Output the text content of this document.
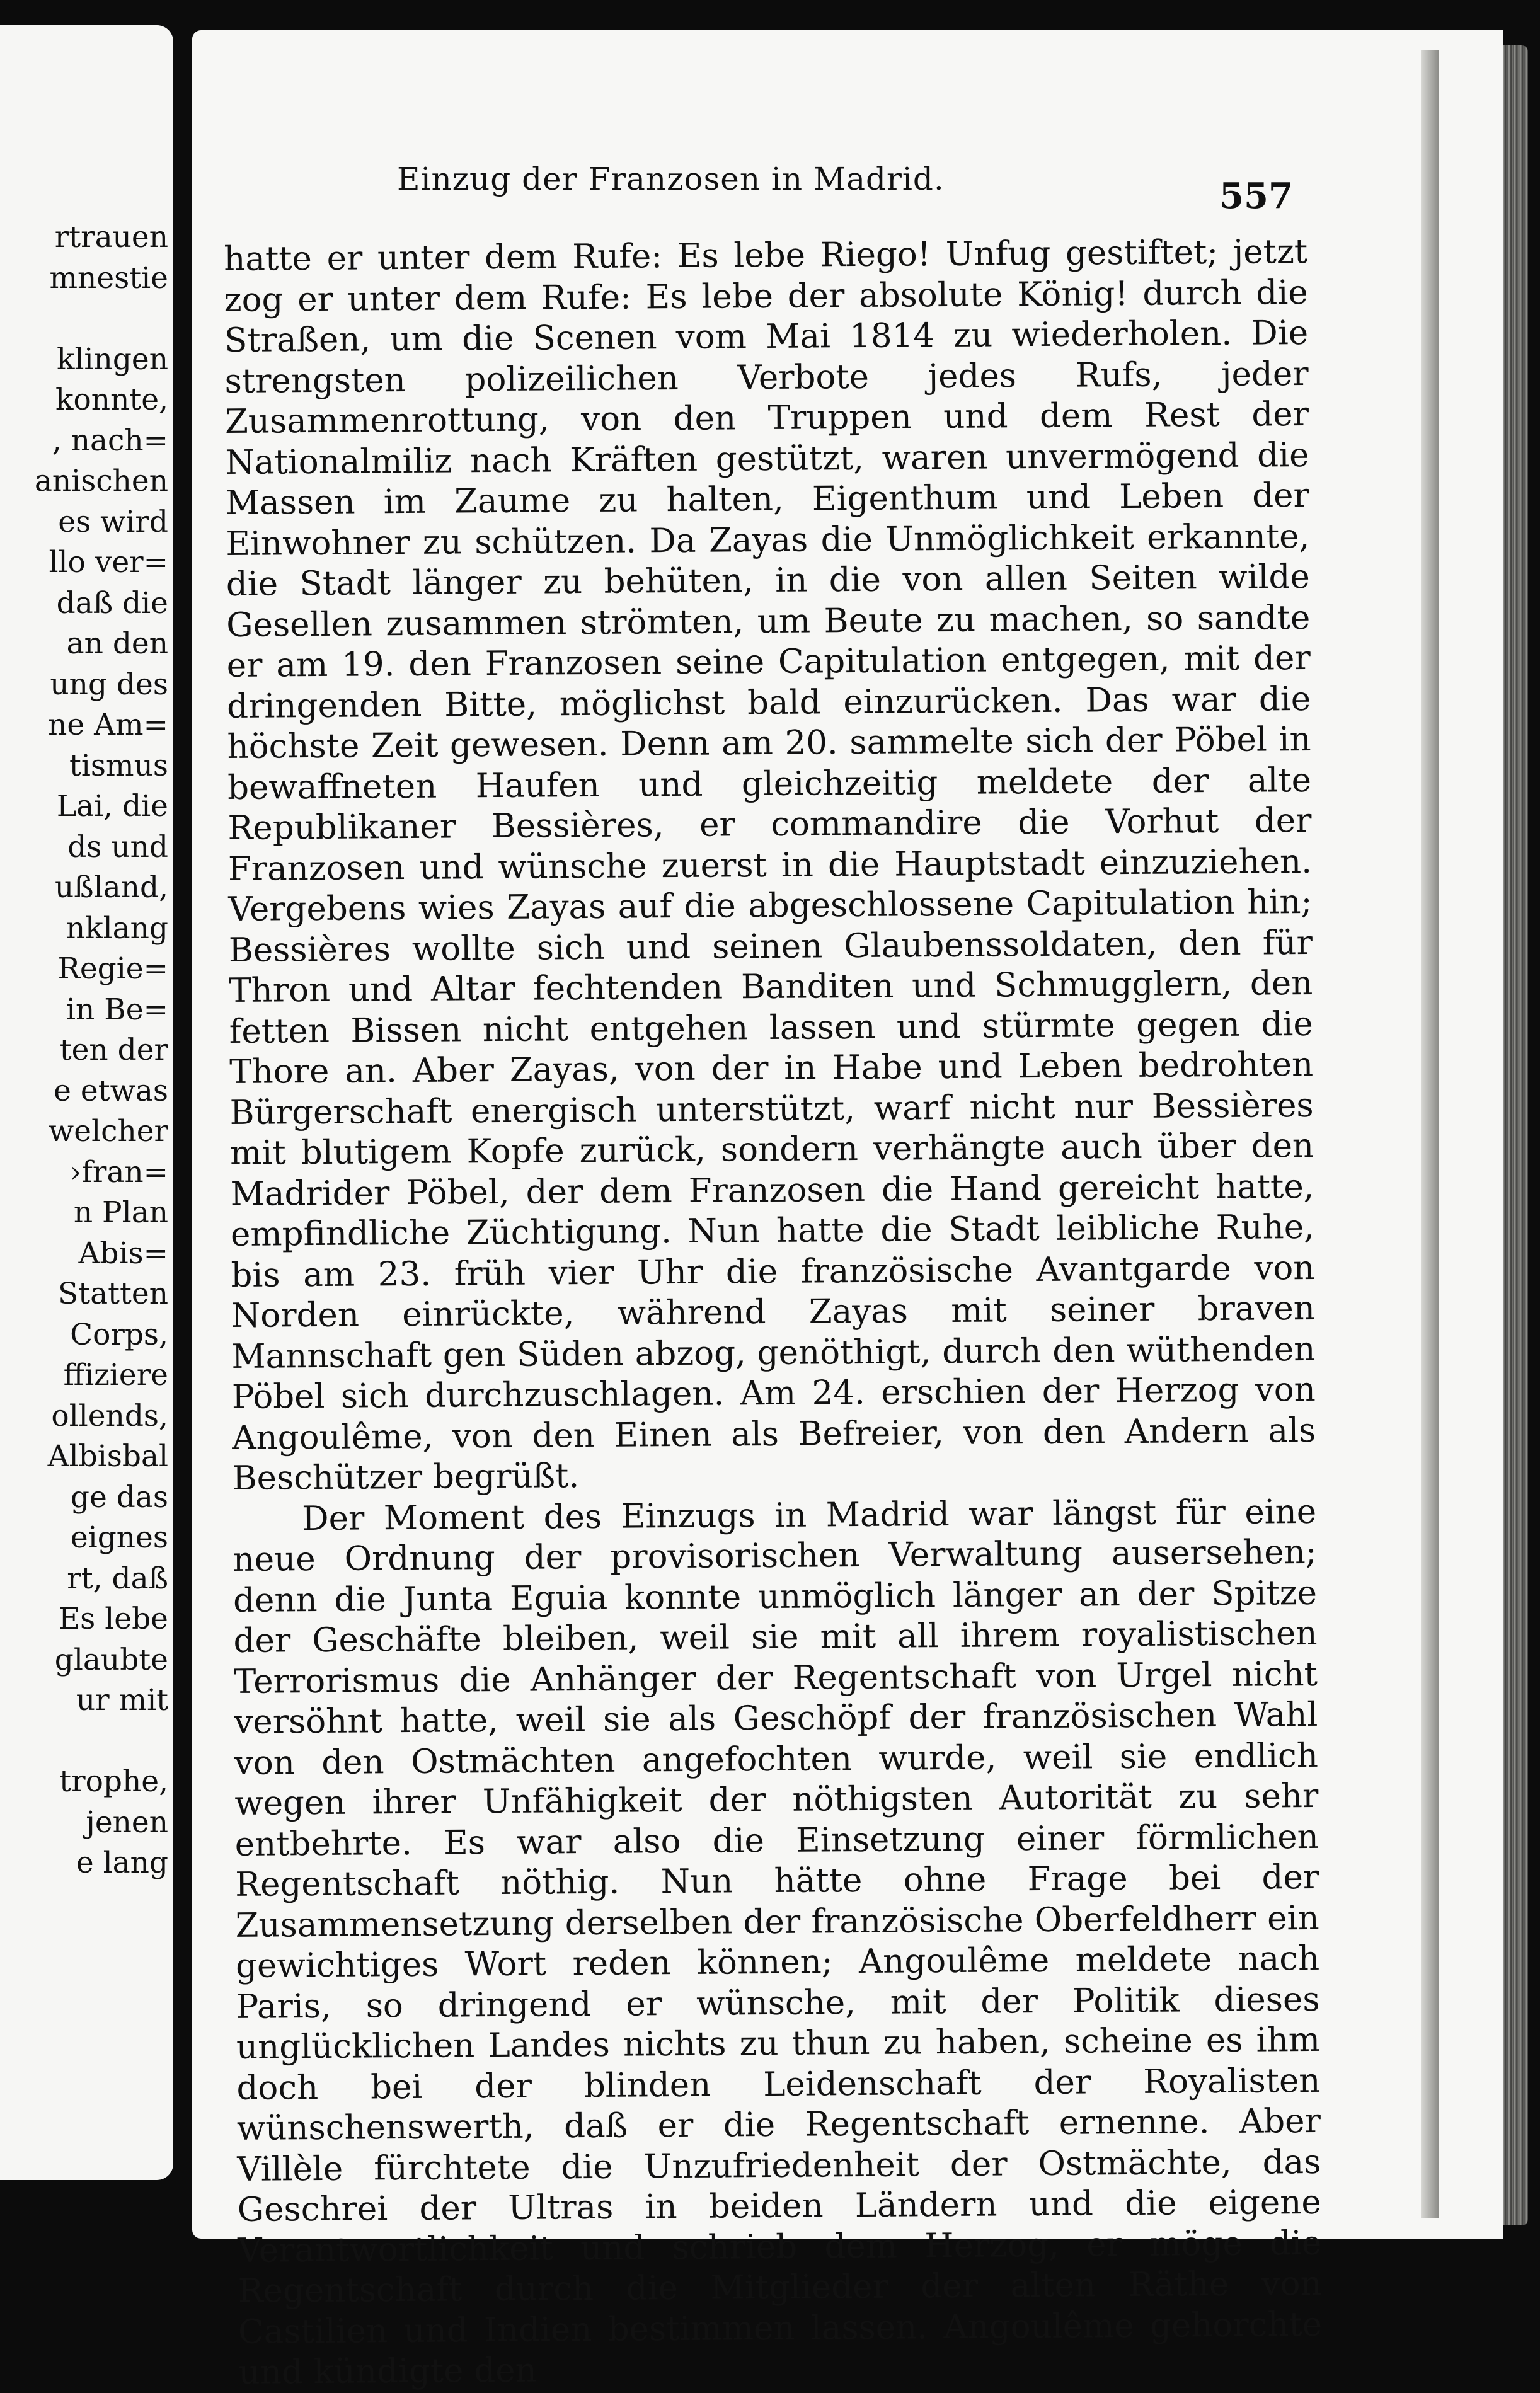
rtrauen
mnestie
klingen
konnte,
, nach=
anischen
es wird
llo ver=
daß die
an den
ung des
ne Am=
tismus
Lai, die
ds und
ußland,
nklang
Regie=
in Be=
ten der
e etwas
welcher
›fran=
n Plan
Abis=
Statten
Corps,
ffiziere
ollends,
Albisbal
ge das
eignes
rt, daß
Es lebe
glaubte
ur mit
trophe,
jenen
e lang
Einzug der Franzosen in Madrid.	557

hatte er unter dem Rufe: Es lebe Riego! Unfug gestiftet; jetzt zog er unter dem Rufe: Es lebe der absolute König! durch die Straßen, um die Scenen vom Mai 1814 zu wiederholen. Die strengsten polizeilichen Verbote jedes Rufs, jeder Zusammenrottung, von den Truppen und dem Rest der Nationalmiliz nach Kräften gestützt, waren unvermögend die Massen im Zaume zu halten, Eigenthum und Leben der Einwohner zu schützen. Da Zayas die Unmöglichkeit erkannte, die Stadt länger zu behüten, in die von allen Seiten wilde Gesellen zusammen strömten, um Beute zu machen, so sandte er am 19. den Franzosen seine Capitulation entgegen, mit der dringenden Bitte, möglichst bald einzurücken. Das war die höchste Zeit gewesen. Denn am 20. sammelte sich der Pöbel in bewaffneten Haufen und gleichzeitig meldete der alte Republikaner Bessières, er commandire die Vorhut der Franzosen und wünsche zuerst in die Hauptstadt einzuziehen. Vergebens wies Zayas auf die abgeschlossene Capitulation hin; Bessières wollte sich und seinen Glaubenssoldaten, den für Thron und Altar fechtenden Banditen und Schmugglern, den fetten Bissen nicht entgehen lassen und stürmte gegen die Thore an. Aber Zayas, von der in Habe und Leben bedrohten Bürgerschaft energisch unterstützt, warf nicht nur Bessières mit blutigem Kopfe zurück, sondern verhängte auch über den Madrider Pöbel, der dem Franzosen die Hand gereicht hatte, empfindliche Züchtigung. Nun hatte die Stadt leibliche Ruhe, bis am 23. früh vier Uhr die französische Avantgarde von Norden einrückte, während Zayas mit seiner braven Mannschaft gen Süden abzog, genöthigt, durch den wüthenden Pöbel sich durchzuschlagen. Am 24. erschien der Herzog von Angoulême, von den Einen als Befreier, von den Andern als Beschützer begrüßt.

Der Moment des Einzugs in Madrid war längst für eine neue Ordnung der provisorischen Verwaltung ausersehen; denn die Junta Eguia konnte unmöglich länger an der Spitze der Geschäfte bleiben, weil sie mit all ihrem royalistischen Terrorismus die Anhänger der Regentschaft von Urgel nicht versöhnt hatte, weil sie als Geschöpf der französischen Wahl von den Ostmächten angefochten wurde, weil sie endlich wegen ihrer Unfähigkeit der nöthigsten Autorität zu sehr entbehrte. Es war also die Einsetzung einer förmlichen Regentschaft nöthig. Nun hätte ohne Frage bei der Zusammensetzung derselben der französische Oberfeldherr ein gewichtiges Wort reden können; Angoulême meldete nach Paris, so dringend er wünsche, mit der Politik dieses unglücklichen Landes nichts zu thun zu haben, scheine es ihm doch bei der blinden Leidenschaft der Royalisten wünschenswerth, daß er die Regentschaft ernenne. Aber Villèle fürchtete die Unzufriedenheit der Ostmächte, das Geschrei der Ultras in beiden Ländern und die eigene Verantwortlichkeit und schrieb dem Herzog, er möge die Regentschaft durch die Mitglieder der alten Räthe von Castilien und Indien bestimmen lassen. Angoulême gehorchte und kündigte den
